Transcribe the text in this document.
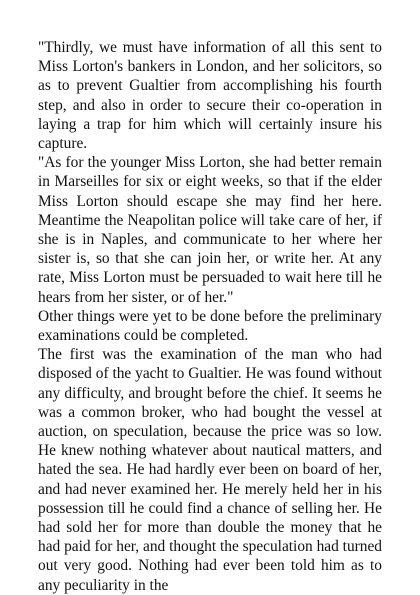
"Thirdly, we must have information of all this sent to Miss Lorton's bankers in London, and her solicitors, so as to prevent Gualtier from accomplishing his fourth step, and also in order to secure their co-operation in laying a trap for him which will certainly insure his capture.

"As for the younger Miss Lorton, she had better remain in Marseilles for six or eight weeks, so that if the elder Miss Lorton should escape she may find her here. Meantime the Neapolitan police will take care of her, if she is in Naples, and communicate to her where her sister is, so that she can join her, or write her. At any rate, Miss Lorton must be persuaded to wait here till he hears from her sister, or of her."

Other things were yet to be done before the preliminary examinations could be completed.

The first was the examination of the man who had disposed of the yacht to Gualtier. He was found without any difficulty, and brought before the chief. It seems he was a common broker, who had bought the vessel at auction, on speculation, because the price was so low. He knew nothing whatever about nautical matters, and hated the sea. He had hardly ever been on board of her, and had never examined her. He merely held her in his possession till he could find a chance of selling her. He had sold her for more than double the money that he had paid for her, and thought the speculation had turned out very good. Nothing had ever been told him as to any peculiarity in the
